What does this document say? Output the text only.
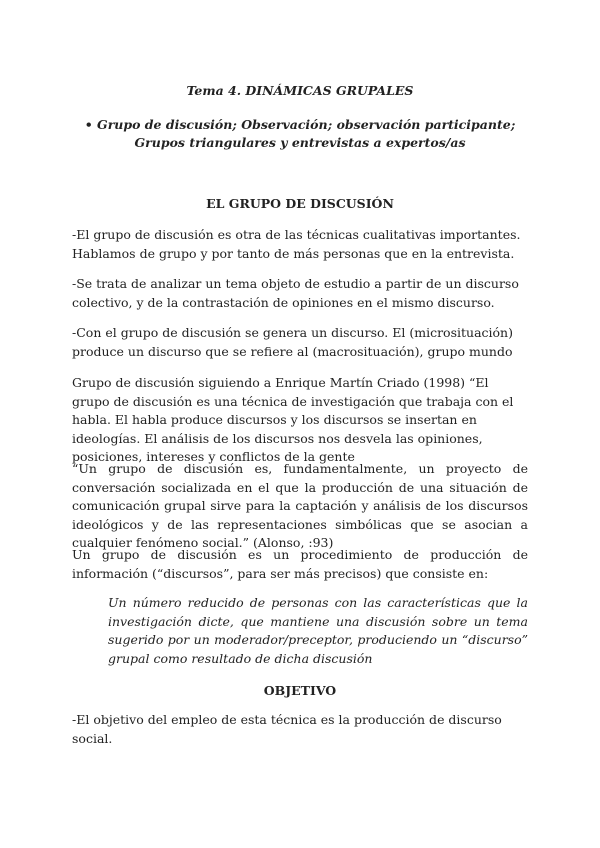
Tema 4. DINÁMICAS GRUPALES

• Grupo de discusión; Observación; observación participante; Grupos triangulares y entrevistas a expertos/as

EL GRUPO DE DISCUSIÓN

-El grupo de discusión es otra de las técnicas cualitativas importantes. Hablamos de grupo y por tanto de más personas que en la entrevista.

-Se trata de analizar un tema objeto de estudio a partir de un discurso colectivo, y de la contrastación de opiniones en el mismo discurso.

-Con el grupo de discusión se genera un discurso. El (microsituación) produce un discurso que se refiere al (macrosituación), grupo mundo

Grupo de discusión siguiendo a Enrique Martín Criado (1998) “El grupo de discusión es una técnica de investigación que trabaja con el habla. El habla produce discursos y los discursos se insertan en ideologías. El análisis de los discursos nos desvela las opiniones, posiciones, intereses y conflictos de la gente

“Un grupo de discusión es, fundamentalmente, un proyecto de conversación socializada en el que la producción de una situación de comunicación grupal sirve para la captación y análisis de los discursos ideológicos y de las representaciones simbólicas que se asocian a cualquier fenómeno social.” (Alonso, :93)

Un grupo de discusión es un procedimiento de producción de información (“discursos”, para ser más precisos) que consiste en:

Un número reducido de personas con las características que la investigación dicte, que mantiene una discusión sobre un tema sugerido por un moderador/preceptor, produciendo un “discurso” grupal como resultado de dicha discusión

OBJETIVO

-El objetivo del empleo de esta técnica es la producción de discurso social.
